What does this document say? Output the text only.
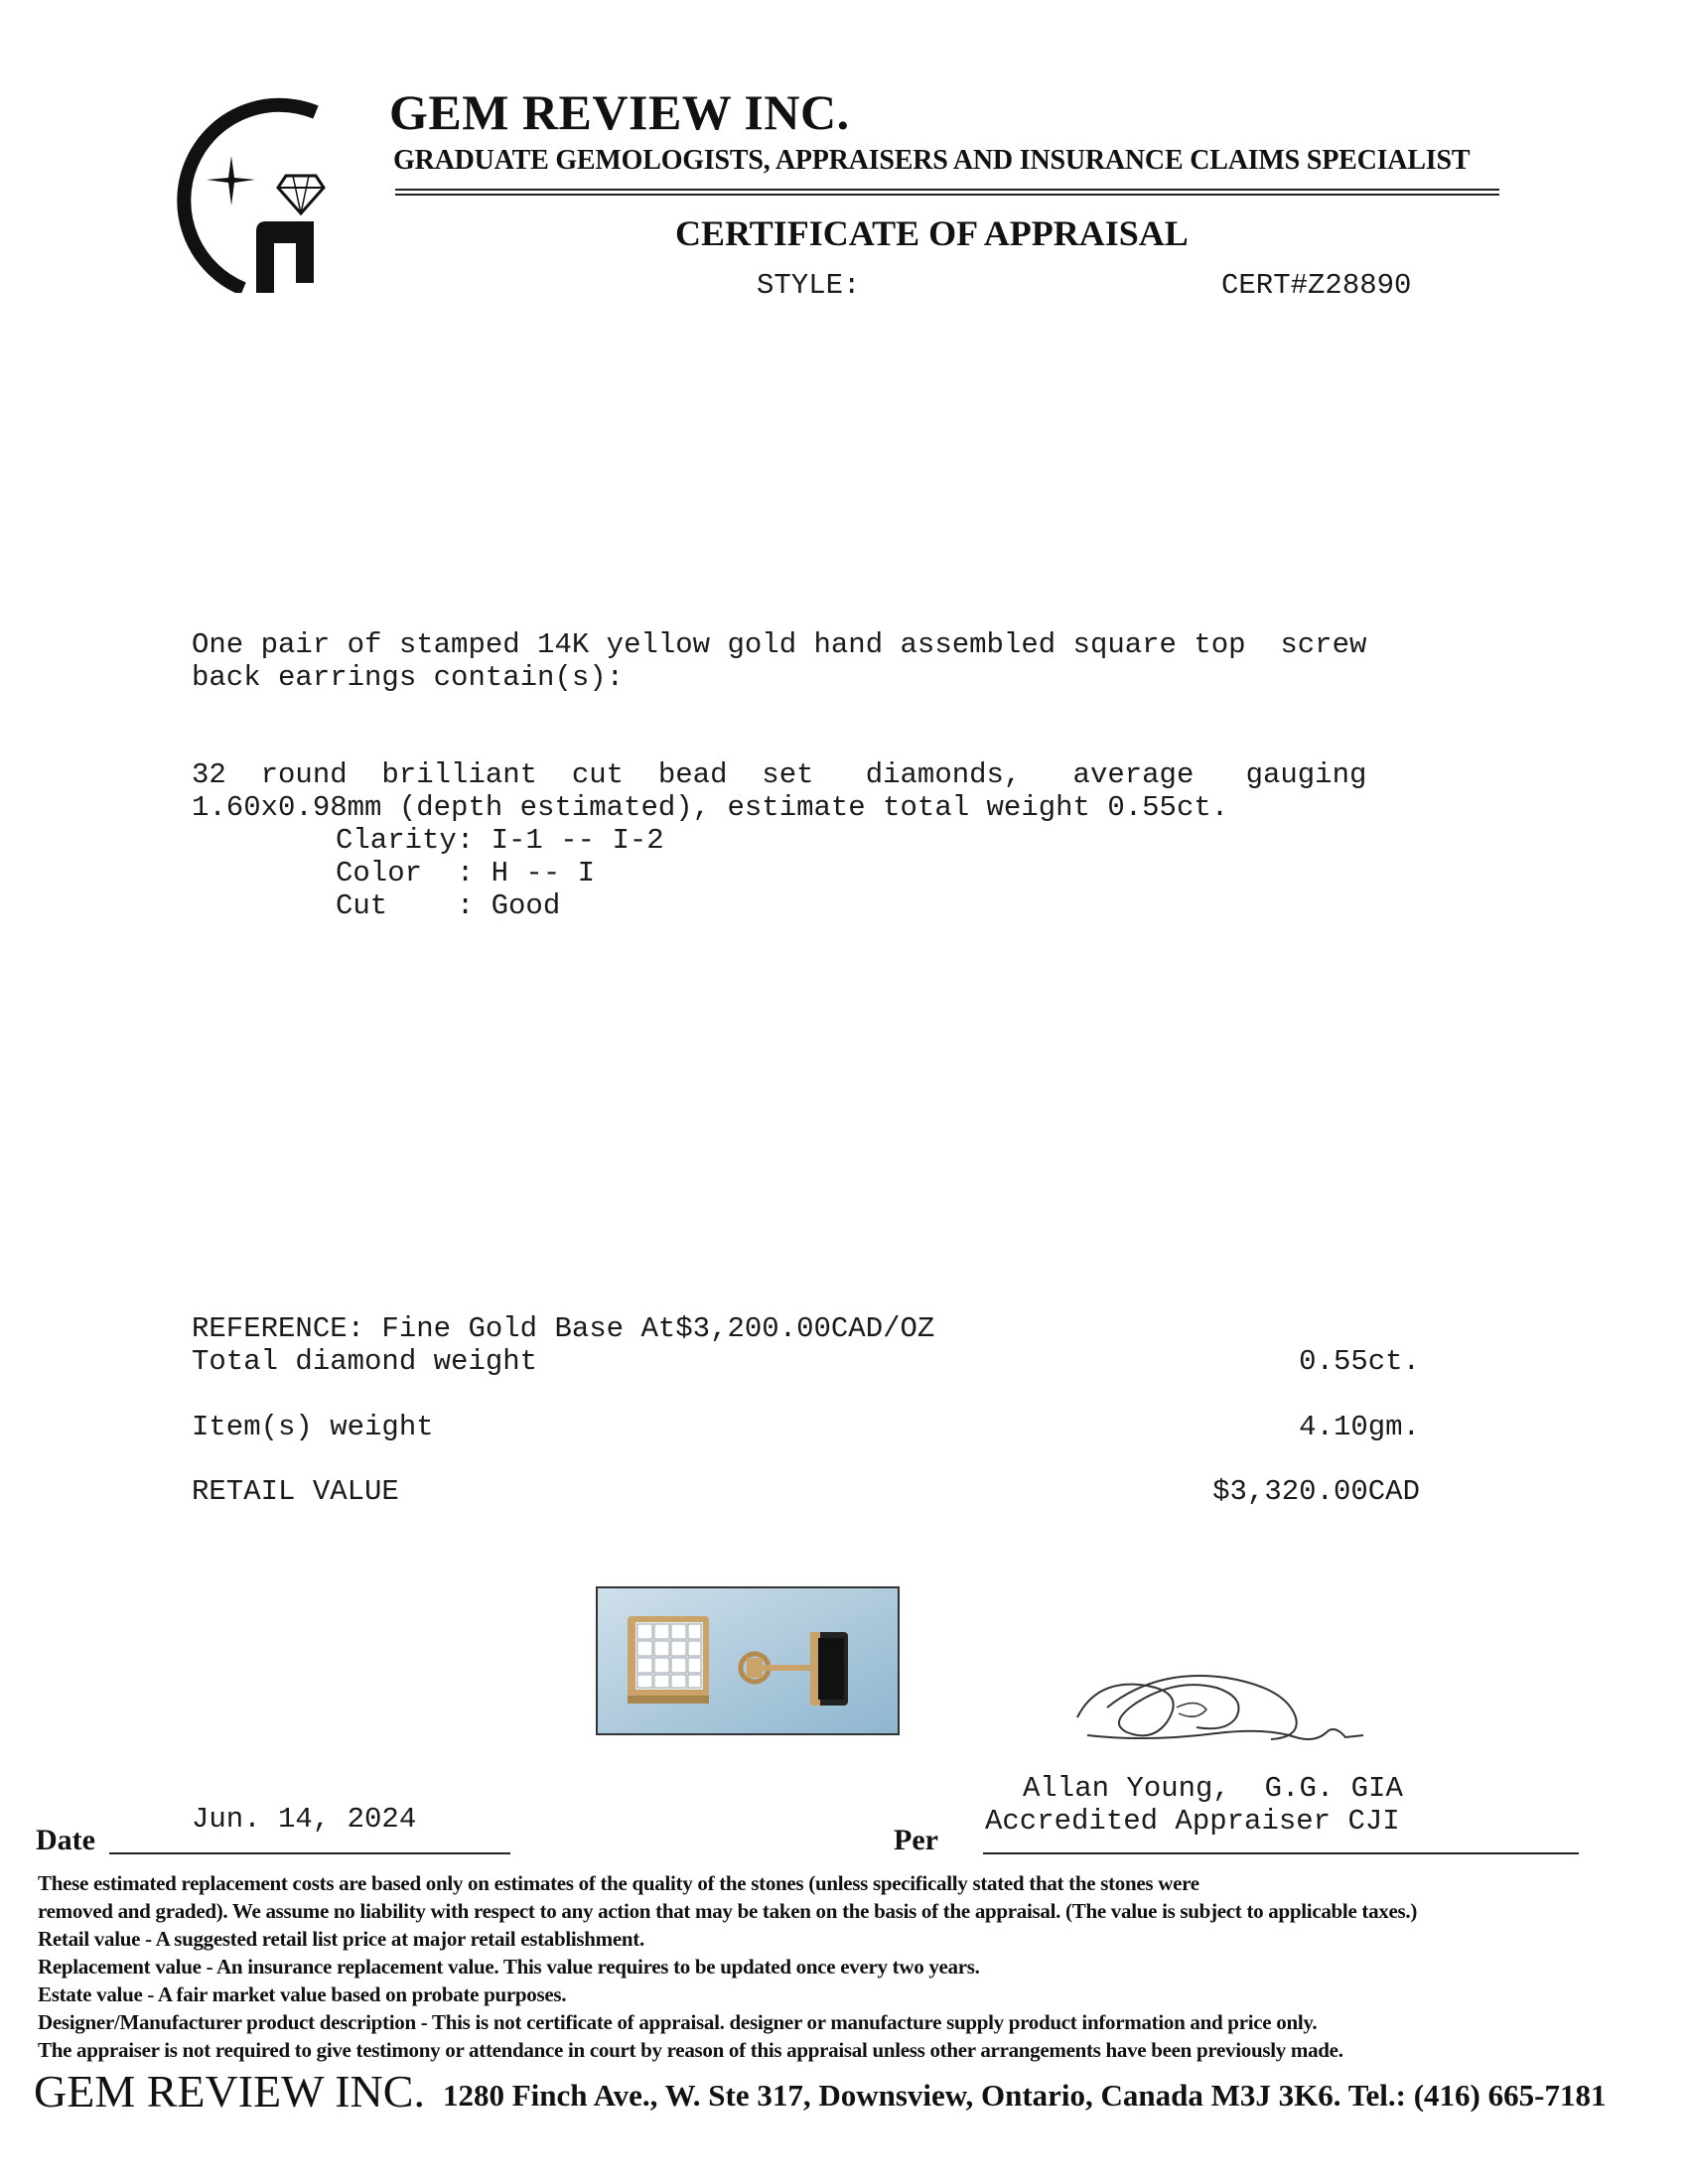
GEM REVIEW INC.
GRADUATE GEMOLOGISTS, APPRAISERS AND INSURANCE CLAIMS SPECIALIST
CERTIFICATE OF APPRAISAL
STYLE:	CERT#Z28890
One pair of stamped 14K yellow gold hand assembled square top  screw
back earrings contain(s):
32  round  brilliant  cut  bead  set   diamonds,   average   gauging
1.60x0.98mm (depth estimated), estimate total weight 0.55ct.
Clarity: I-1 -- I-2
Color  : H -- I
Cut    : Good
REFERENCE: Fine Gold Base At$3,200.00CAD/OZ
Total diamond weight	0.55ct.
Item(s) weight	4.10gm.
RETAIL VALUE	$3,320.00CAD
Allan Young,  G.G. GIA
Accredited Appraiser CJI
Jun. 14, 2024
Date	Per
These estimated replacement costs are based only on estimates of the quality of the stones (unless specifically stated that the stones were
removed and graded). We assume no liability with respect to any action that may be taken on the basis of the appraisal. (The value is subject to applicable taxes.)
Retail value - A suggested retail list price at major retail establishment.
Replacement value - An insurance replacement value. This value requires to be updated once every two years.
Estate value - A fair market value based on probate purposes.
Designer/Manufacturer product description - This is not certificate of appraisal. designer or manufacture supply product information and price only.
The appraiser is not required to give testimony or attendance in court by reason of this appraisal unless other arrangements have been previously made.
GEM REVIEW INC. 1280 Finch Ave., W. Ste 317, Downsview, Ontario, Canada M3J 3K6. Tel.: (416) 665-7181
